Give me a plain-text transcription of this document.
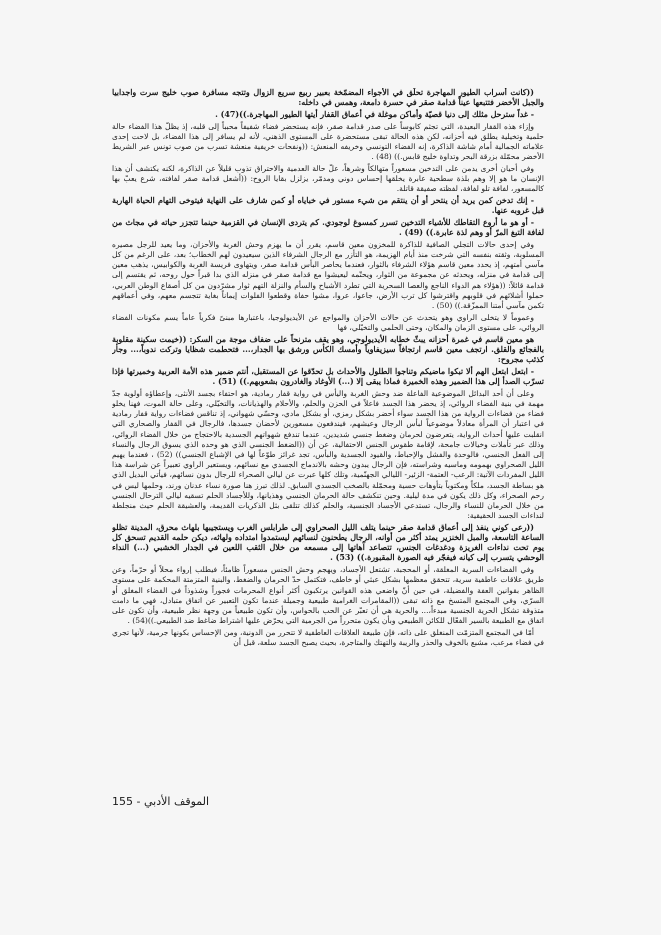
((كانت أسراب الطيور المهاجرة تحلّق في الأجواء المضمّخة بعبير ربيع سريع الزوال وتتجه مسافرة صوب خليج سرت واجدابيا والجبل الأخضر فتتبعها عيناً قدامة صقر في حسرة دامعة، وهمس في داخله:

- غداً سترحل مثلك إلى دنيا قصيّة وأماكن موغلة في أعماق القفار أيتها الطيور المهاجرة.))(47) .

وإزاء هذه القفار البعيدة، التي تجثم كابوساً على صدر قدامة صقر، فإنه يستحضر فضاء شفيفاً محبباً إلى قلبه، إذ يظلّ هذا الفضاء حالة حلمية وتخيلية يطلق فيه أحزانه، لكن هذه الحالة تبقى مستحضرة على المستوى الذهني، لأنه لم يسافر إلى هذا الفضاء، بل لاحت إحدى علاماته الجمالية أمام شاشة الذاكرة، إنه الفضاء التونسي وخريفه المنعش: ((ونفحات خريفية منعشة تسرب من صوب تونس عبر الشريط الأخضر محمّلة بزرقة البحر وتداوة خليج قابس.)) (48) .

وفي أحيان أخرى يدمن على التدخين مسعوراً متهالكاً وشرهاً، علّ حالة العدمية والاحتراق تذوب قليلاً عن الذاكرة، لكنه يكتشف أن هذا الإنسان ما هو إلا وهم بلذة سطحية عابرة يخلقها إحساس دوني ومدمّر، يزلزل بقايا الروح: ((أشعل قدامة صقر لفافته، شرع يعبّ بها كالمسعور، لفافة تلو لفافة، لفظته صفيقة قاتلة.

- إنك تدخن كمن يريد أن ينتحر أو أن ينتقم من شيء مستور في خباياه أو كمن شارف على النهاية فيتوخى التهام الحياة الهاربة قبل غروبه عنها.

- أو هو ما أروع التقاطك للأشياء التدخين تسرر كمسوغ لوجودي. كم يتردى الإنسان في القزمية حينما تتجزر حياته في مجاث من لفافة التبغ المرّ أو وهم لذة عابرة.)) (49) .

وفي إحدى حالات التجلي الصافية للذاكرة للمخزون معين قاسم، يقرر أن ما يهزم وحش الغربة والأحزان، وما يعيد للرجل مصيره المسلوبة، وثقته بنفسه التي شرخت منذ أيام الهزيمة، هو التأزر مع الرجال الشرفاء الذين سيعيدون لهم الخطاب؛ بعد، على الرغم من كل مآسي أمتهم، إذ يحدد معين قاسم هؤلاء الشرفاء بالثوار، فعندما يحاصر البأس قدامة صقر، ويتهاوى فريسة الغربة والكوابيس، يذهب معين إلى قدامة في منزله، ويحدثه عن مجموعة من الثوار، ويحتّمه ليعيشوا مع قدامة صقر في منزله الذي بدا قبراً حول روحه، ثم يقتسم إلى قدامة قائلاً: ((هؤلاء هم الدواء الناجع والعصا السحرية التي تطرد الأشباح والسأم والنزلة التهم ثوار مشرّدون من كل أصقاع الوطن العربي، حملوا أشلائهم في قلوبهم واقترشوا كل ترب الأرض، جاعوا، عروا، مشوا حفاة وقطعوا الفلوات إيماناً بغاية تتجسم معهم، وفي أعماقهم تكمن مآسي أمتنا الممزّقة.)) (50) .

وعموماً لا يتخلى الراوي وهو يتحدث عن حالات الأحزان والمواجع عن الأيديولوجيا، باعتبارها مبنىً فكرياً عاماً يسم مكونات الفضاء الروائي، على مستوى الزمان والمكان، وحتى الحلمي والتخيّلي، فها

هو معين قاسم في غمرة أحزانه يبثّ خطابه الأيديولوجي، وهو يقف مترنحاً على ضفاف موجة من السكر: ((خيمت سكينة مقلوبة بالفجائع والقلق. ارتجف معين قاسم ارتجافاً سيزيفاوياً وأمسك الكأس ورشق بها الجدار،... فتحطمت شظايا وتركت ندوباً،... وجأر كذئب مجروح:

- ابتعل ابتعل الهم ألا تبكوا ماضيكم وتناجوا الطلول والأحداث بل تحدّقوا عن المستقبل، أنتم ضمير هذه الأمة العربية وخميرتها فإذا تسرّب الصدأ إلى هذا الضمير وهذه الخميرة فماذا يبقى إلا (...) الأوغاد والغادرون بشعوبهم.)) (51) .

وعلى أن أحد البدائل الموضوعية الفاعلة ضد وحش الغربة واليأس في رواية قفار رمادية، هو احتفاء بجسد الأنثى، وإعطاؤه أولوية جدّ مهمة في بنية الفضاء الروائي، إذ يحضر هذا الجسد فاعلاً في الحزن والحلم، والأحلام والهذيانات، والتخيّلي، وعلى حالة الموت، فهنا يخلو فضاء من فضاءات الرواية من هذا الجسد سواء أحضر بشكل رمزي، أو بشكل مادي، وحسّي شهواني، إذ تناقس فضاءات رواية قفار رمادية في اعتبار أن المرأة معادلاً موضوعياً لبأس الرجال وعيشهم، فيندفعون مسعورين لأحضان جسدها، فالرجال في القفار والصحاري التي انقلبت عليها أحداث الرواية، يتعرضون لحرمان وضغط جنسي شديدين، عندما تندفع شهواتهم الجسدية بالاحتجاج من خلال الفضاء الروائي، وذلك عبر تأملات وخيالات جامحة، لإقامة طقوس الجنس الاحتفالية، عن أن ((الضغط الجنسي الذي هو وحده الذي يسوق الرجال والنساء إلى الفعل الجنسي، فالوحدة والفشل والإحباط، والقيود الجسدية والبأس، تجد غرائز طوّعاً لها في الإشباع الجنسي)) (52) ، فعندما يهيم الليل الصحراوي بهمومه وماسيه وشراسته، فإن الرجال يبدون وحشه بالاندماج الجسدي مع نسائهم، ويستعير الراوي تعبيراً عن شراسة هذا الليل المفردات الآتية: الرعب- العتمة- الزئير- الليالي الجهنّمية، وتلك كلها عبرت عن ليالي الصحراء للرجال بدون نسائهم، فيأتي البديل الذي هو بساطة الجسد، ملكاً ومكتوباً بتأوهات حسية ومحمّلة بالصخب الجسدي السابق. لذلك تبرز هنا صورة نساء عدنان ورند، وحلمها ليس في رحم الصحراء، وكل ذلك يكون في مدة ليلية. وحين تنكشف حالة الحرمان الجنسي وهذيانها، وللأجساد الحلم تسقيه ليالي الترحال الجنسي من خلال الحرمان للنساء والرجال، تستدعي الأجساد الجنسية، والحلم كذلك تتلقى بثل الذكريات القديمة، والعشيقة الحلم حيث منجلطة لنداءات الجسد الحقيقية:

((رعى كوني ينفذ إلى أعماق قدامة صقر حينما يتلف الليل الصحراوي إلى طرابلس الغرب ويستجيبها بلهاث محرق، المدينة تظلو الساعة التاسعة، والمبل الخنزير يمتد أكثر من أوانه، الرجال يطحنون لنسائهم ليستمدوا امتداده ولهاثه، ديكن حلمه القديم تسحق كل يوم تحت نداءات الغريزة ودغدغات الجنس، تتصاعد آهاتها إلى مسمعه من خلال الثقب اللعين في الجدار الخشبي (...) النداء الوحشي يتسرب إلى كيانه فيفجّر فيه الصورة المقبورة.)) (53) .

وفي الفضاءات السرية المغلقة، أو المحجبة، تشتعل الأجساد، ويهجم وحش الجنس مسعوراً ظامئاً، فيطلب إرواء محلاً أو حرّماً، وعن طريق علاقات عاطفية سرية، تتحقق معظمها بشكل عبثي أو خاطف، فتكتمل حدّ الحرمان والضغط، والبنية المتزمتة المحكمة على مستوى الظاهر بقوانين العفة والفضيلة، في حين أنّ واضعي هذه القوانين يرتكبون أكثر أنواع المحرمات فجوراً وشذوذاً في الفضاء المغلق أو السرّي، وفي المجتمع المتسخ مع ذاته تبقى ((المقامرات الغرامية طبيعية وجميلة عندما تكون التعبير عن اتفاق متبادل، فهي ما دامت متذوقة تشكل الحرية الجنسية مبدءاً،... والحرية هي أن تعبّر عن الحب بالحواس، وأن تكون طبيعياً من وجهة نظر طبيعية، وأن تكون على اتفاق مع الطبيعة بالسير الفعّال للكائن الطبيعي وبأن يكون متحرراً من الجرمية التي يحرّض عليها اشتراط ضاغط ضد الطبيعي.))(54) .

أمّا في المجتمع المتزمّت المنغلق على ذاته، فإن طبيعة العلاقات العاطفية لا تتحرر من الدونية، ومن الإحساس بكونها جرمية، لأنها تجري في فضاء مرعب، مشبع بالخوف والحذر والريبة والتهتك والمتاجرة، بحيث يصبح الجسد سلعة، قبل أن

الموقف الأدبي - 155
